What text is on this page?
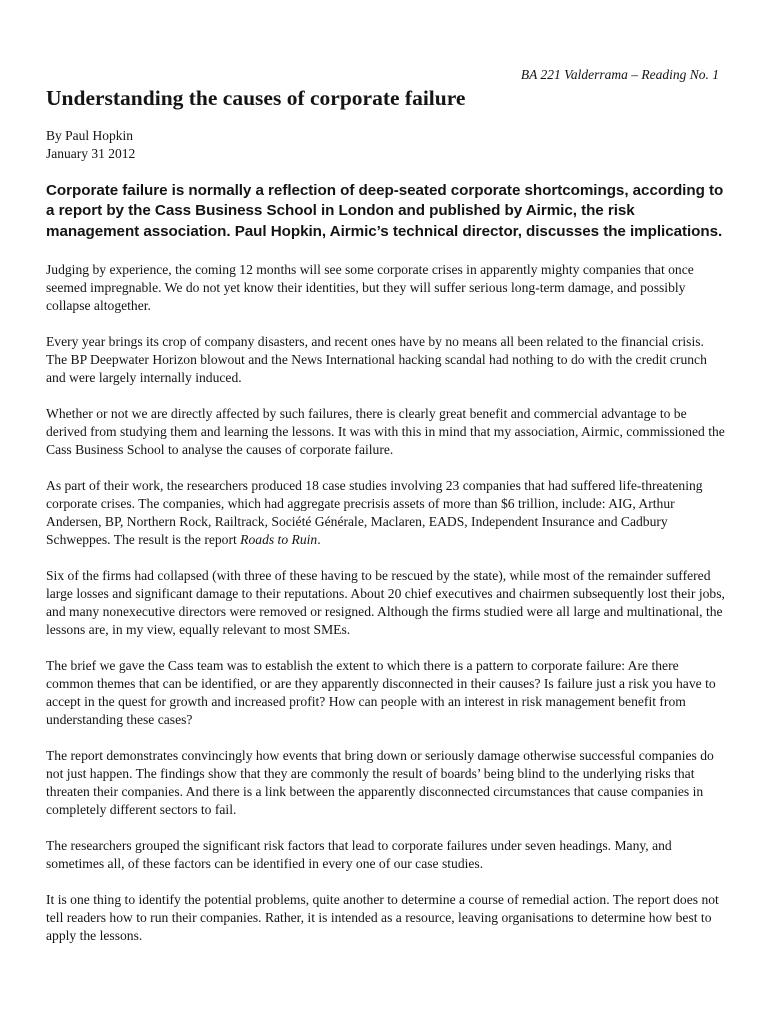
BA 221 Valderrama – Reading No. 1
Understanding the causes of corporate failure
By Paul Hopkin
January 31 2012

Corporate failure is normally a reflection of deep-seated corporate shortcomings, according to a report by the Cass Business School in London and published by Airmic, the risk management association. Paul Hopkin, Airmic’s technical director, discusses the implications.

Judging by experience, the coming 12 months will see some corporate crises in apparently mighty companies that once seemed impregnable. We do not yet know their identities, but they will suffer serious long-term damage, and possibly collapse altogether.

Every year brings its crop of company disasters, and recent ones have by no means all been related to the financial crisis. The BP Deepwater Horizon blowout and the News International hacking scandal had nothing to do with the credit crunch and were largely internally induced.

Whether or not we are directly affected by such failures, there is clearly great benefit and commercial advantage to be derived from studying them and learning the lessons. It was with this in mind that my association, Airmic, commissioned the Cass Business School to analyse the causes of corporate failure.

As part of their work, the researchers produced 18 case studies involving 23 companies that had suffered life-threatening corporate crises. The companies, which had aggregate precrisis assets of more than $6 trillion, include: AIG, Arthur Andersen, BP, Northern Rock, Railtrack, Société Générale, Maclaren, EADS, Independent Insurance and Cadbury Schweppes. The result is the report Roads to Ruin.

Six of the firms had collapsed (with three of these having to be rescued by the state), while most of the remainder suffered large losses and significant damage to their reputations. About 20 chief executives and chairmen subsequently lost their jobs, and many nonexecutive directors were removed or resigned. Although the firms studied were all large and multinational, the lessons are, in my view, equally relevant to most SMEs.

The brief we gave the Cass team was to establish the extent to which there is a pattern to corporate failure: Are there common themes that can be identified, or are they apparently disconnected in their causes? Is failure just a risk you have to accept in the quest for growth and increased profit? How can people with an interest in risk management benefit from understanding these cases?

The report demonstrates convincingly how events that bring down or seriously damage otherwise successful companies do not just happen. The findings show that they are commonly the result of boards’ being blind to the underlying risks that threaten their companies. And there is a link between the apparently disconnected circumstances that cause companies in completely different sectors to fail.

The researchers grouped the significant risk factors that lead to corporate failures under seven headings. Many, and sometimes all, of these factors can be identified in every one of our case studies.

It is one thing to identify the potential problems, quite another to determine a course of remedial action. The report does not tell readers how to run their companies. Rather, it is intended as a resource, leaving organisations to determine how best to apply the lessons.
